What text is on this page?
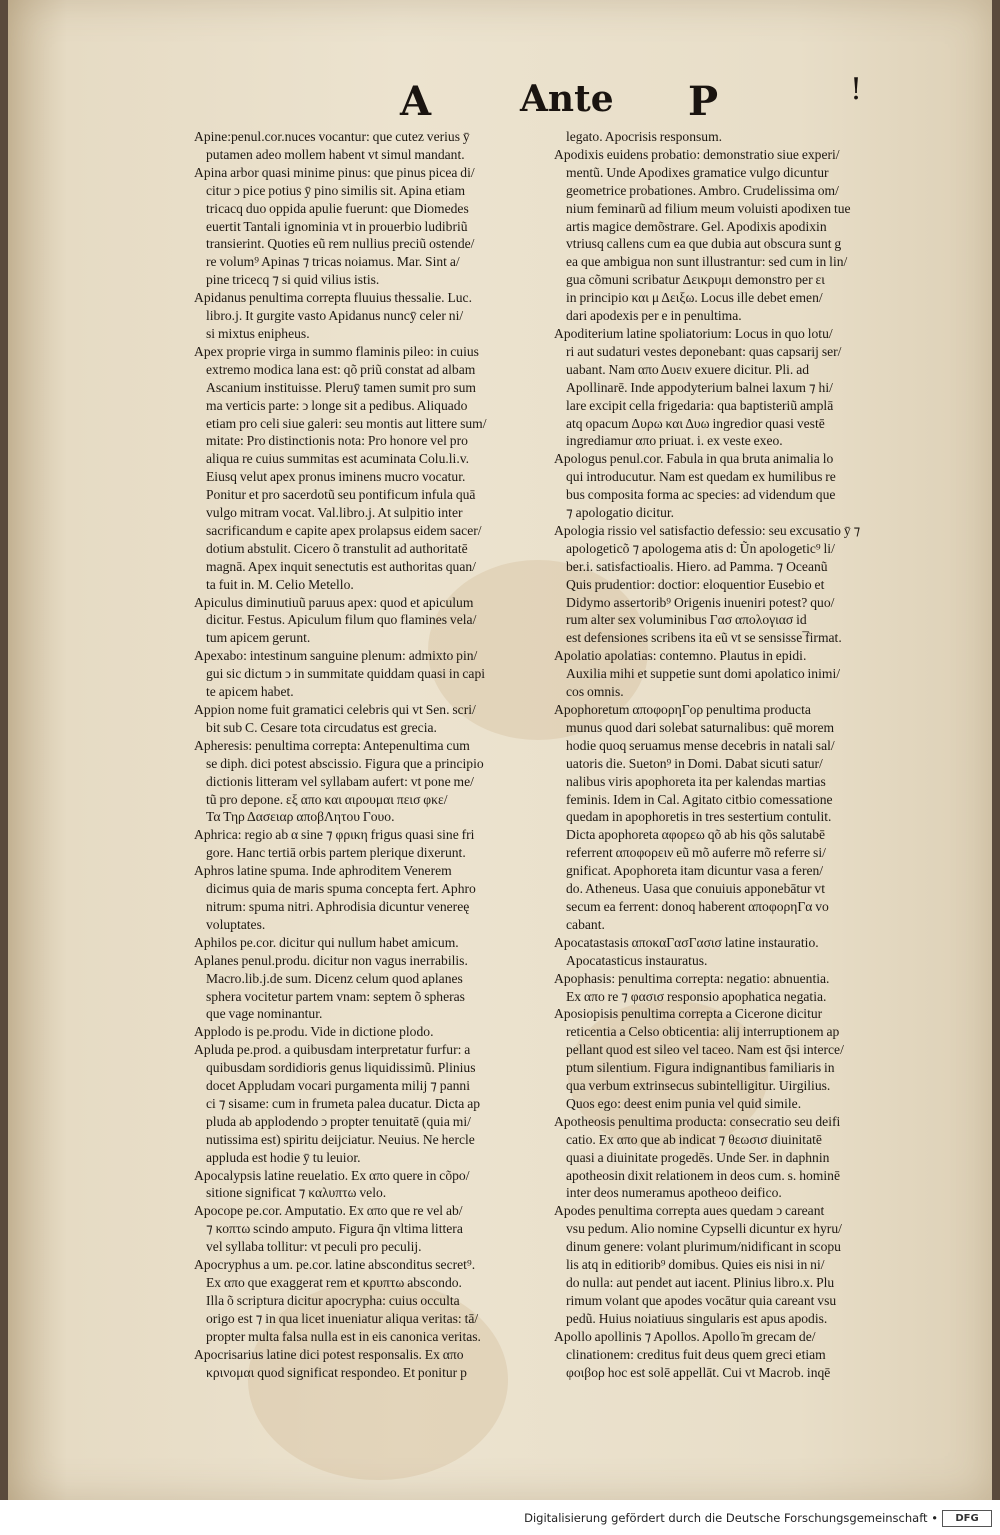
A Ante P	!

Apine:penul.cor.nuces vocantur: que cutez verius ȳ

putamen adeo mollem habent vt simul mandant.

Apina arbor quasi minime pinus: que pinus picea di/

citur ↄ pice potius ȳ pino similis sit. Apina etiam

tricacq duo oppida apulie fuerunt: que Diomedes

euertit Tantali ignominia vt in prouerbio ludibriũ

transierint. Quoties eũ rem nullius preciũ ostende/

re volum⁹ Apinas ⁊ tricas noiamus. Mar. Sint a/

pine tricecq ⁊ si quid vilius istis.

Apidanus penultima correpta fluuius thessalie. Luc.

libro.j. It gurgite vasto Apidanus nuncȳ celer ni/

si mixtus enipheus.

Apex proprie virga in summo flaminis pileo: in cuius

extremo modica lana est: qõ priũ constat ad albam

Ascanium instituisse. Pleruȳ tamen sumit pro sum

ma verticis parte: ↄ longe sit a pedibus. Aliquado

etiam pro celi siue galeri: seu montis aut littere sum/

mitate: Pro distinctionis nota: Pro honore vel pro

aliqua re cuius summitas est acuminata Colu.li.v.

Eiusq velut apex pronus iminens mucro vocatur.

Ponitur et pro sacerdotũ seu pontificum infula quā

vulgo mitram vocat. Val.libro.j. At sulpitio inter

sacrificandum e capite apex prolapsus eidem sacer/

dotium abstulit. Cicero õ transtulit ad authoritatē

magnā. Apex inquit senectutis est authoritas quan/

ta fuit in. M. Celio Metello.

Apiculus diminutiuũ paruus apex: quod et apiculum

dicitur. Festus. Apiculum filum quo flamines vela/

tum apicem gerunt.

Apexabo: intestinum sanguine plenum: admixto pin/

gui sic dictum ↄ in summitate quiddam quasi in capi

te apicem habet.

Appion nome fuit gramatici celebris qui vt Sen. scri/

bit sub C. Cesare tota circudatus est grecia.

Apheresis: penultima correpta: Antepenultima cum

se diph. dici potest abscissio. Figura que a principio

dictionis litteram vel syllabam aufert: vt pone me/

tũ pro depone. εξ απο και αιρουμαι πεισ φκε/

Τα Τηρ Δασειαρ αποβΛητου Γουο.

Aphrica: regio ab α sine ⁊ φρικη frigus quasi sine fri

gore. Hanc tertiā orbis partem plerique dixerunt.

Aphros latine spuma. Inde aphroditem Venerem

dicimus quia de maris spuma concepta fert. Aphro

nitrum: spuma nitri. Aphrodisia dicuntur venereę

voluptates.

Aphilos pe.cor. dicitur qui nullum habet amicum.

Aplanes penul.produ. dicitur non vagus inerrabilis.

Macro.lib.j.de sum. Dicenz celum quod aplanes

sphera vocitetur partem vnam: septem õ spheras

que vage nominantur.

Applodo is pe.produ. Vide in dictione plodo.

Apluda pe.prod. a quibusdam interpretatur furfur: a

quibusdam sordidioris genus liquidissimũ. Plinius

docet Appludam vocari purgamenta milij ⁊ panni

ci ⁊ sisame: cum in frumeta palea ducatur. Dicta ap

pluda ab applodendo ↄ propter tenuitatē (quia mi/

nutissima est) spiritu deijciatur. Neuius. Ne hercle

appluda est hodie ȳ tu leuior.

Apocalypsis latine reuelatio. Ex απο quere in cõpo/

sitione significat ⁊ καλυπτω velo.

Apocope pe.cor. Amputatio. Ex απο que re vel ab/

⁊ κοπτω scindo amputo. Figura q̄n vltima littera

vel syllaba tollitur: vt peculi pro peculij.

Apocryphus a um. pe.cor. latine absconditus secret⁹.

Ex απο que exaggerat rem et κρυπτω abscondo.

Illa õ scriptura dicitur apocrypha: cuius occulta

origo est ⁊ in qua licet inueniatur aliqua veritas: tā/

propter multa falsa nulla est in eis canonica veritas.

Apocrisarius latine dici potest responsalis. Ex απο

κρινομαι quod significat respondeo. Et ponitur p

legato. Apocrisis responsum.

Apodixis euidens probatio: demonstratio siue experi/

mentũ. Unde Apodixes gramatice vulgo dicuntur

geometrice probationes. Ambro. Crudelissima om/

nium feminarũ ad filium meum voluisti apodixen tue

artis magice demõstrare. Gel. Apodixis apodixin

vtriusq callens cum ea que dubia aut obscura sunt g

ea que ambigua non sunt illustrantur: sed cum in lin/

gua cõmuni scribatur Δεικρυμι demonstro per ει

in principio και μ Δειξω. Locus ille debet emen/

dari apodexis per e in penultima.

Apoditerium latine spoliatorium: Locus in quo lotu/

ri aut sudaturi vestes deponebant: quas capsarij ser/

uabant. Nam απο Δυειν exuere dicitur. Pli. ad

Apollinarē. Inde appodyterium balnei laxum ⁊ hi/

lare excipit cella frigedaria: qua baptisteriũ amplā

atq opacum Δυρω και Δυω ingredior quasi vestē

ingrediamur απο priuat. i. ex veste exeo.

Apologus penul.cor. Fabula in qua bruta animalia lo

qui introducutur. Nam est quedam ex humilibus re

bus composita forma ac species: ad videndum que

⁊ apologatio dicitur.

Apologia rissio vel satisfactio defessio: seu excusatio ȳ ⁊

apologeticõ ⁊ apologema atis d: Ũn apologetic⁹ li/

ber.i. satisfactioalis. Hiero. ad Pamma. ⁊ Oceanũ

Quis prudentior: doctior: eloquentior Eusebio et

Didymo assertorib⁹ Origenis inueniri potest? quo/

rum alter sex voluminibus Γασ απολογιασ id

est defensiones scribens ita eũ vt se sensisse ̅firmat.

Apolatio apolatias: contemno. Plautus in epidi.

Auxilia mihi et suppetie sunt domi apolatico inimi/

cos omnis.

Apophoretum αποφορηΓορ penultima producta

munus quod dari solebat saturnalibus: quē morem

hodie quoq seruamus mense decebris in natali sal/

uatoris die. Sueton⁹ in Domi. Dabat sicuti satur/

nalibus viris apophoreta ita per kalendas martias

feminis. Idem in Cal. Agitato citbio comessatione

quedam in apophoretis in tres sestertium contulit.

Dicta apophoreta αφορεω qõ ab his qõs salutabē

referrent αποφορειν eũ mõ auferre mõ referre si/

gnificat. Apophoreta itam dicuntur vasa a feren/

do. Atheneus. Uasa que conuiuis apponebātur vt

secum ea ferrent: donoq haberent αποφορηΓα vo

cabant.

Apocatastasis αποκαΓασΓασισ latine instauratio.

Apocatasticus instauratus.

Apophasis: penultima correpta: negatio: abnuentia.

Ex απο re ⁊ φασισ responsio apophatica negatia.

Aposiopisis penultima correpta a Cicerone dicitur

reticentia a Celso obticentia: alij interruptionem ap

pellant quod est sileo vel taceo. Nam est q̄si interce/

ptum silentium. Figura indignantibus familiaris in

qua verbum extrinsecus subintelligitur. Uirgilius.

Quos ego: deest enim punia vel quid simile.

Apotheosis penultima producta: consecratio seu deifi

catio. Ex απο que ab indicat ⁊ θεωσισ diuinitatē

quasi a diuinitate progedēs. Unde Ser. in daphnin

apotheosin dixit relationem in deos cum. s. hominē

inter deos numeramus apotheoo deifico.

Apodes penultima correpta aues quedam ↄ careant

vsu pedum. Alio nomine Cypselli dicuntur ex hyru/

dinum genere: volant plurimum/nidificant in scopu

lis atq in editiorib⁹ domibus. Quies eis nisi in ni/

do nulla: aut pendet aut iacent. Plinius libro.x. Plu

rimum volant que apodes vocātur quia careant vsu

pedũ. Huius noiatiuus singularis est apus apodis.

Apollo apollinis ⁊ Apollos. Apollo ̄m grecam de/

clinationem: creditus fuit deus quem greci etiam

φοιβορ hoc est solē appellāt. Cui vt Macrob. inqē

Digitalisierung gefördert durch die Deutsche Forschungsgemeinschaft •	DFG
